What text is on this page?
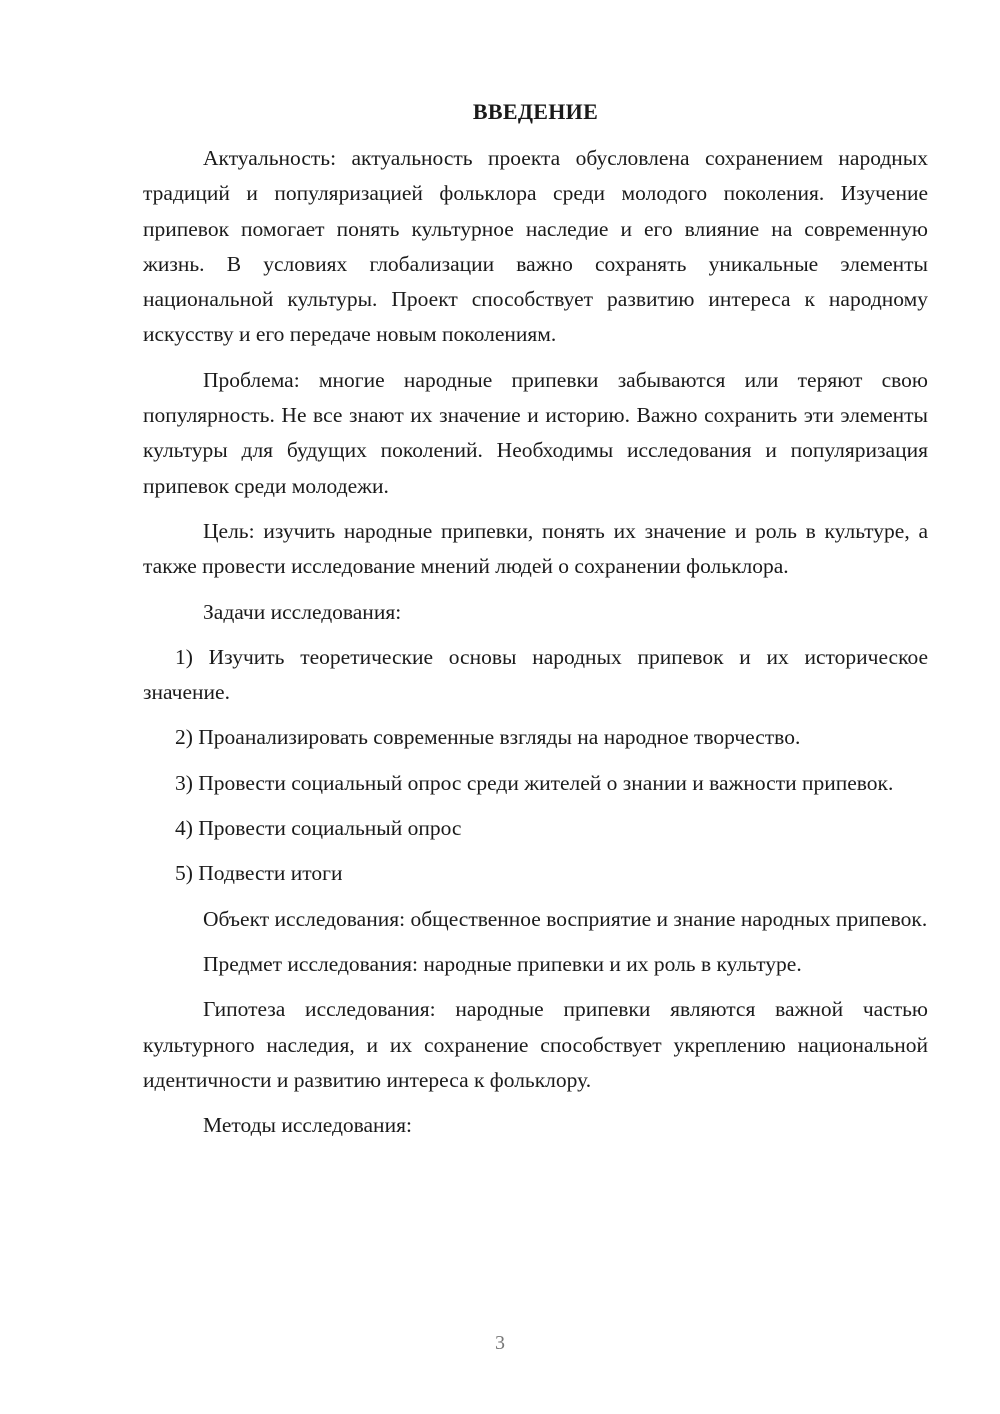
ВВЕДЕНИЕ

Актуальность: актуальность проекта обусловлена сохранением народных традиций и популяризацией фольклора среди молодого поколения. Изучение припевок помогает понять культурное наследие и его влияние на современную жизнь. В условиях глобализации важно сохранять уникальные элементы национальной культуры. Проект способствует развитию интереса к народному искусству и его передаче новым поколениям.

Проблема: многие народные припевки забываются или теряют свою популярность. Не все знают их значение и историю. Важно сохранить эти элементы культуры для будущих поколений. Необходимы исследования и популяризация припевок среди молодежи.

Цель: изучить народные припевки, понять их значение и роль в культуре, а также провести исследование мнений людей о сохранении фольклора.

Задачи исследования:

1) Изучить теоретические основы народных припевок и их историческое значение.

2) Проанализировать современные взгляды на народное творчество.

3) Провести социальный опрос среди жителей о знании и важности припевок.

4) Провести социальный опрос

5) Подвести итоги

Объект исследования: общественное восприятие и знание народных припевок.

Предмет исследования: народные припевки и их роль в культуре.

Гипотеза исследования: народные припевки являются важной частью культурного наследия, и их сохранение способствует укреплению национальной идентичности и развитию интереса к фольклору.

Методы исследования:

3
